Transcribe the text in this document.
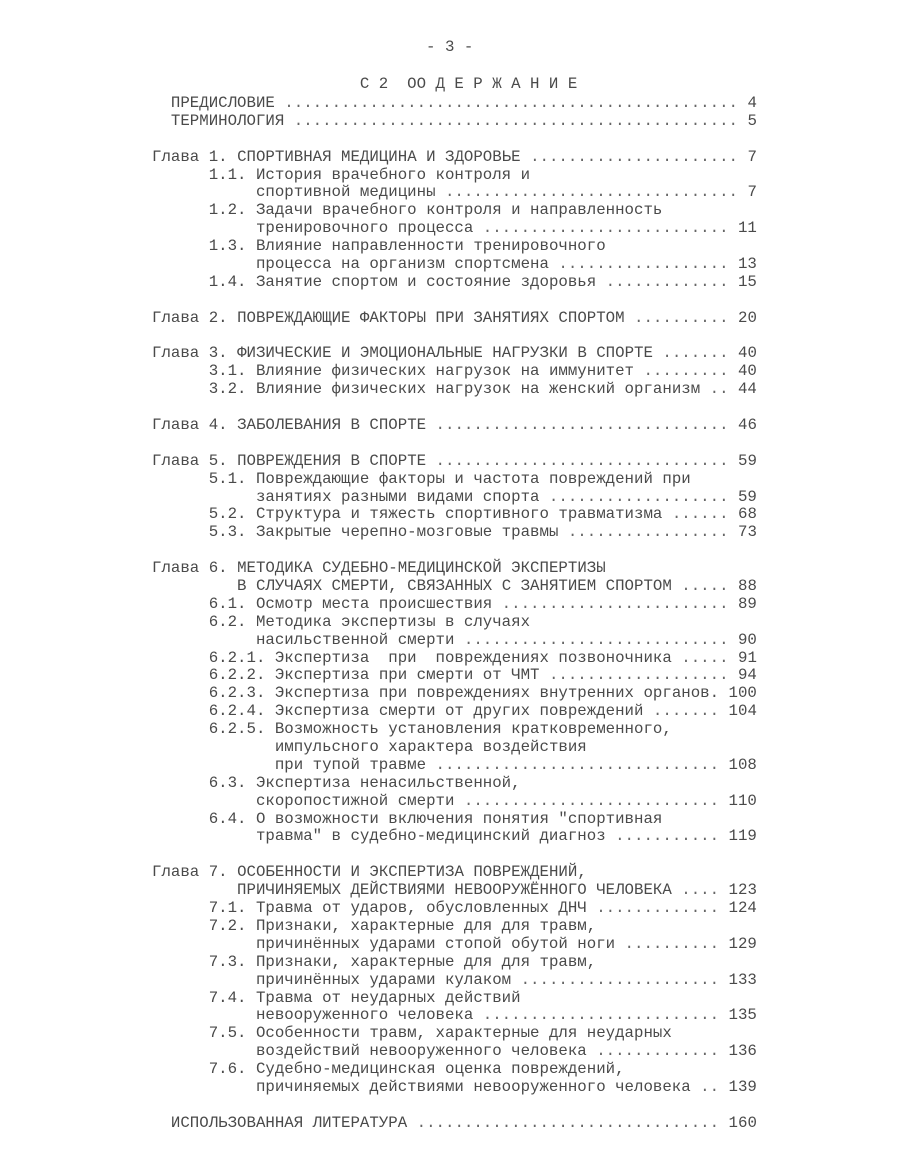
- 3 -
С 2  ОО Д Е Р Ж А Н И Е
ПРЕДИСЛОВИЕ ................................................ 4
ТЕРМИНОЛОГИЯ ............................................... 5
Глава 1. СПОРТИВНАЯ МЕДИЦИНА И ЗДОРОВЬЕ ...................... 7
1.1. История врачебного контроля и
спортивной медицины ............................... 7
1.2. Задачи врачебного контроля и направленность
тренировочного процесса .......................... 11
1.3. Влияние направленности тренировочного
процесса на организм спортсмена .................. 13
1.4. Занятие спортом и состояние здоровья ............. 15
Глава 2. ПОВРЕЖДАЮЩИЕ ФАКТОРЫ ПРИ ЗАНЯТИЯХ СПОРТОМ .......... 20
Глава 3. ФИЗИЧЕСКИЕ И ЭМОЦИОНАЛЬНЫЕ НАГРУЗКИ В СПОРТЕ ....... 40
3.1. Влияние физических нагрузок на иммунитет ......... 40
3.2. Влияние физических нагрузок на женский организм .. 44
Глава 4. ЗАБОЛЕВАНИЯ В СПОРТЕ ............................... 46
Глава 5. ПОВРЕЖДЕНИЯ В СПОРТЕ ............................... 59
5.1. Повреждающие факторы и частота повреждений при
занятиях разными видами спорта ................... 59
5.2. Структура и тяжесть спортивного травматизма ...... 68
5.3. Закрытые черепно-мозговые травмы ................. 73
Глава 6. МЕТОДИКА СУДЕБНО-МЕДИЦИНСКОЙ ЭКСПЕРТИЗЫ
В СЛУЧАЯХ СМЕРТИ, СВЯЗАННЫХ С ЗАНЯТИЕМ СПОРТОМ ..... 88
6.1. Осмотр места происшествия ........................ 89
6.2. Методика экспертизы в случаях
насильственной смерти ............................ 90
6.2.1. Экспертиза  при  повреждениях позвоночника ..... 91
6.2.2. Экспертиза при смерти от ЧМТ ................... 94
6.2.3. Экспертиза при повреждениях внутренних органов. 100
6.2.4. Экспертиза смерти от других повреждений ....... 104
6.2.5. Возможность установления кратковременного,
импульсного характера воздействия
при тупой травме .............................. 108
6.3. Экспертиза ненасильственной,
скоропостижной смерти ........................... 110
6.4. О возможности включения понятия "спортивная
травма" в судебно-медицинский диагноз ........... 119
Глава 7. ОСОБЕННОСТИ И ЭКСПЕРТИЗА ПОВРЕЖДЕНИЙ,
ПРИЧИНЯЕМЫХ ДЕЙСТВИЯМИ НЕВООРУЖЁННОГО ЧЕЛОВЕКА .... 123
7.1. Травма от ударов, обусловленных ДНЧ ............. 124
7.2. Признаки, характерные для для травм,
причинённых ударами стопой обутой ноги .......... 129
7.3. Признаки, характерные для для травм,
причинённых ударами кулаком ..................... 133
7.4. Травма от неударных действий
невооруженного человека ......................... 135
7.5. Особенности травм, характерные для неударных
воздействий невооруженного человека ............. 136
7.6. Судебно-медицинская оценка повреждений,
причиняемых действиями невооруженного человека .. 139
ИСПОЛЬЗОВАННАЯ ЛИТЕРАТУРА ................................ 160
